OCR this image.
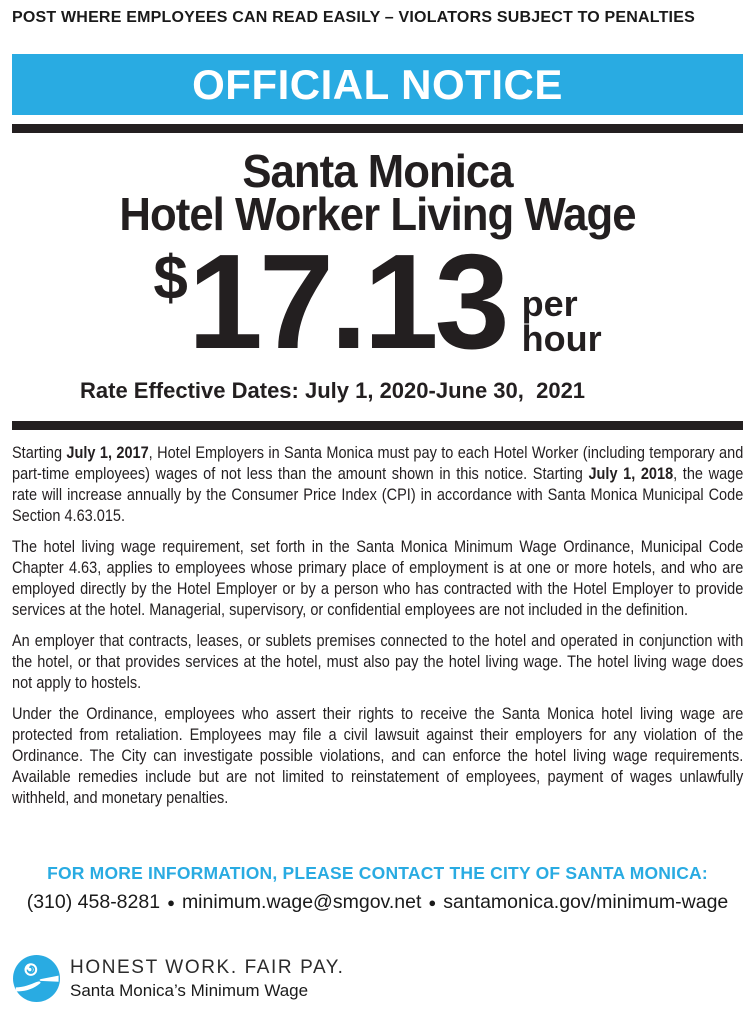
POST WHERE EMPLOYEES CAN READ EASILY – VIOLATORS SUBJECT TO PENALTIES
OFFICIAL NOTICE
Santa Monica
Hotel Worker Living Wage
$ 17.13 per
hour
Rate Effective Dates: July 1, 2020-June 30,  2021

Starting July 1, 2017, Hotel Employers in Santa Monica must pay to each Hotel Worker (including temporary and part-time employees) wages of not less than the amount shown in this notice. Starting July 1, 2018, the wage rate will increase annually by the Consumer Price Index (CPI) in accordance with Santa Monica Municipal Code Section 4.63.015.

The hotel living wage requirement, set forth in the Santa Monica Minimum Wage Ordinance, Municipal Code Chapter 4.63, applies to employees whose primary place of employment is at one or more hotels, and who are employed directly by the Hotel Employer or by a person who has contracted with the Hotel Employer to provide services at the hotel. Managerial, supervisory, or confidential employees are not included in the definition.

An employer that contracts, leases, or sublets premises connected to the hotel and operated in conjunction with the hotel, or that provides services at the hotel, must also pay the hotel living wage. The hotel living wage does not apply to hostels.

Under the Ordinance, employees who assert their rights to receive the Santa Monica hotel living wage are protected from retaliation. Employees may file a civil lawsuit against their employers for any violation of the Ordinance. The City can investigate possible violations, and can enforce the hotel living wage requirements. Available remedies include but are not limited to reinstatement of employees, payment of wages unlawfully withheld, and monetary penalties.

FOR MORE INFORMATION, PLEASE CONTACT THE CITY OF SANTA MONICA:
(310) 458-8281 ● minimum.wage@smgov.net ● santamonica.gov/minimum-wage
HONEST WORK. FAIR PAY.
Santa Monica’s Minimum Wage
